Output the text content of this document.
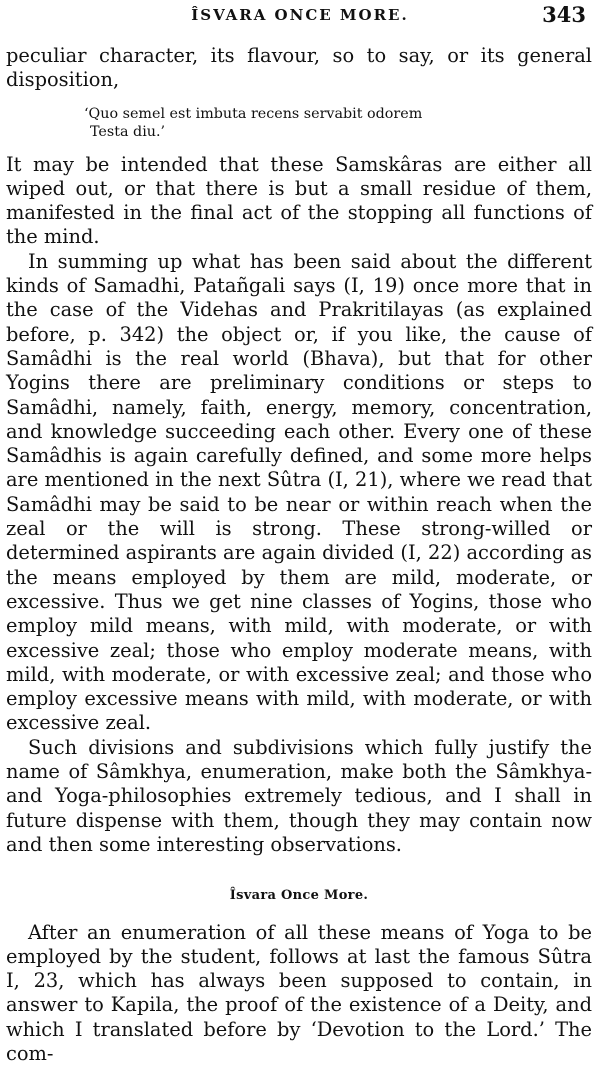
ÎSVARA ONCE MORE.	343

peculiar character, its flavour, so to say, or its general disposition,

‘Quo semel est imbuta recens servabit odorem
Testa diu.’

It may be intended that these Samskâras are either all wiped out, or that there is but a small residue of them, manifested in the final act of the stopping all functions of the mind.

In summing up what has been said about the different kinds of Samadhi, Patañgali says (I, 19) once more that in the case of the Videhas and Prakritilayas (as explained before, p. 342) the object or, if you like, the cause of Samâdhi is the real world (Bhava), but that for other Yogins there are preliminary conditions or steps to Samâdhi, namely, faith, energy, memory, concentration, and knowledge succeeding each other. Every one of these Samâdhis is again carefully defined, and some more helps are mentioned in the next Sûtra (I, 21), where we read that Samâdhi may be said to be near or within reach when the zeal or the will is strong. These strong-willed or determined aspirants are again divided (I, 22) according as the means employed by them are mild, moderate, or excessive. Thus we get nine classes of Yogins, those who employ mild means, with mild, with moderate, or with excessive zeal; those who employ moderate means, with mild, with moderate, or with excessive zeal; and those who employ excessive means with mild, with moderate, or with excessive zeal.

Such divisions and subdivisions which fully justify the name of Sâmkhya, enumeration, make both the Sâmkhya- and Yoga-philosophies extremely tedious, and I shall in future dispense with them, though they may contain now and then some interesting observations.

Îsvara Once More.

After an enumeration of all these means of Yoga to be employed by the student, follows at last the famous Sûtra I, 23, which has always been supposed to contain, in answer to Kapila, the proof of the existence of a Deity, and which I translated before by ‘Devotion to the Lord.’ The com-
